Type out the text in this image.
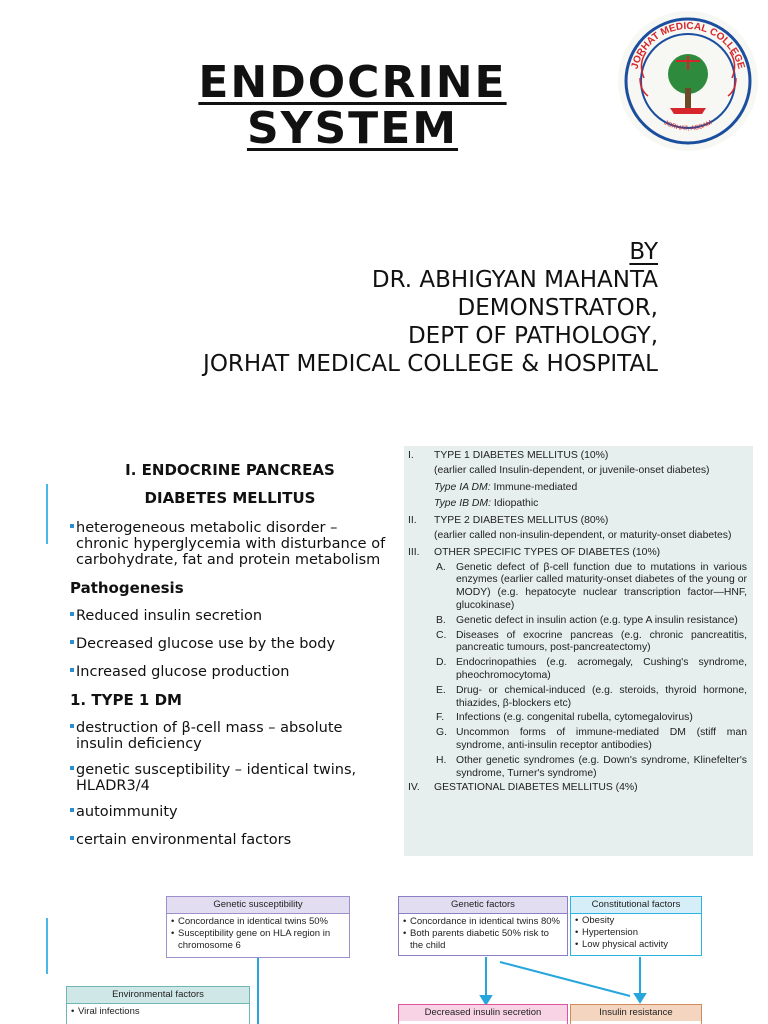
ENDOCRINE
SYSTEM
JORHAT MEDICAL COLLEGE
JORHAT, ASSAM
BY
DR. ABHIGYAN MAHANTA
DEMONSTRATOR,
DEPT OF PATHOLOGY,
JORHAT MEDICAL COLLEGE & HOSPITAL
I. ENDOCRINE PANCREAS
DIABETES MELLITUS
heterogeneous metabolic disorder – chronic hyperglycemia with disturbance of carbohydrate, fat and protein metabolism
Pathogenesis
Reduced insulin secretion
Decreased glucose use by the body
Increased glucose production
1. TYPE 1 DM
destruction of β-cell mass – absolute insulin deficiency
genetic susceptibility – identical twins, HLADR3/4
autoimmunity
certain environmental factors
I.	TYPE 1 DIABETES MELLITUS (10%)
(earlier called Insulin-dependent, or juvenile-onset diabetes)
Type IA DM: Immune-mediated
Type IB DM: Idiopathic
II.	TYPE 2 DIABETES MELLITUS (80%)
(earlier called non-insulin-dependent, or maturity-onset diabetes)
III.	OTHER SPECIFIC TYPES OF DIABETES (10%)
A. Genetic defect of β-cell function due to mutations in various enzymes (earlier called maturity-onset diabetes of the young or MODY) (e.g. hepatocyte nuclear transcription factor—HNF, glucokinase)
B. Genetic defect in insulin action (e.g. type A insulin resistance)
C. Diseases of exocrine pancreas (e.g. chronic pancreatitis, pancreatic tumours, post-pancreatectomy)
D. Endocrinopathies (e.g. acromegaly, Cushing's syndrome, pheochromocytoma)
E. Drug- or chemical-induced (e.g. steroids, thyroid hormone, thiazides, β-blockers etc)
F.	Infections (e.g. congenital rubella, cytomegalovirus)
G. Uncommon forms of immune-mediated DM (stiff man syndrome, anti-insulin receptor antibodies)
H. Other genetic syndromes (e.g. Down's syndrome, Klinefelter's syndrome, Turner's syndrome)
IV.	GESTATIONAL DIABETES MELLITUS (4%)
Genetic susceptibility
• Concordance in identical twins 50%
• Susceptibility gene on HLA region in chromosome 6
Environmental factors
• Viral infections
Genetic factors
• Concordance in identical twins 80%
• Both parents diabetic 50% risk to the child
Constitutional factors
• Obesity
• Hypertension
• Low physical activity
Decreased insulin secretion	Insulin resistance
